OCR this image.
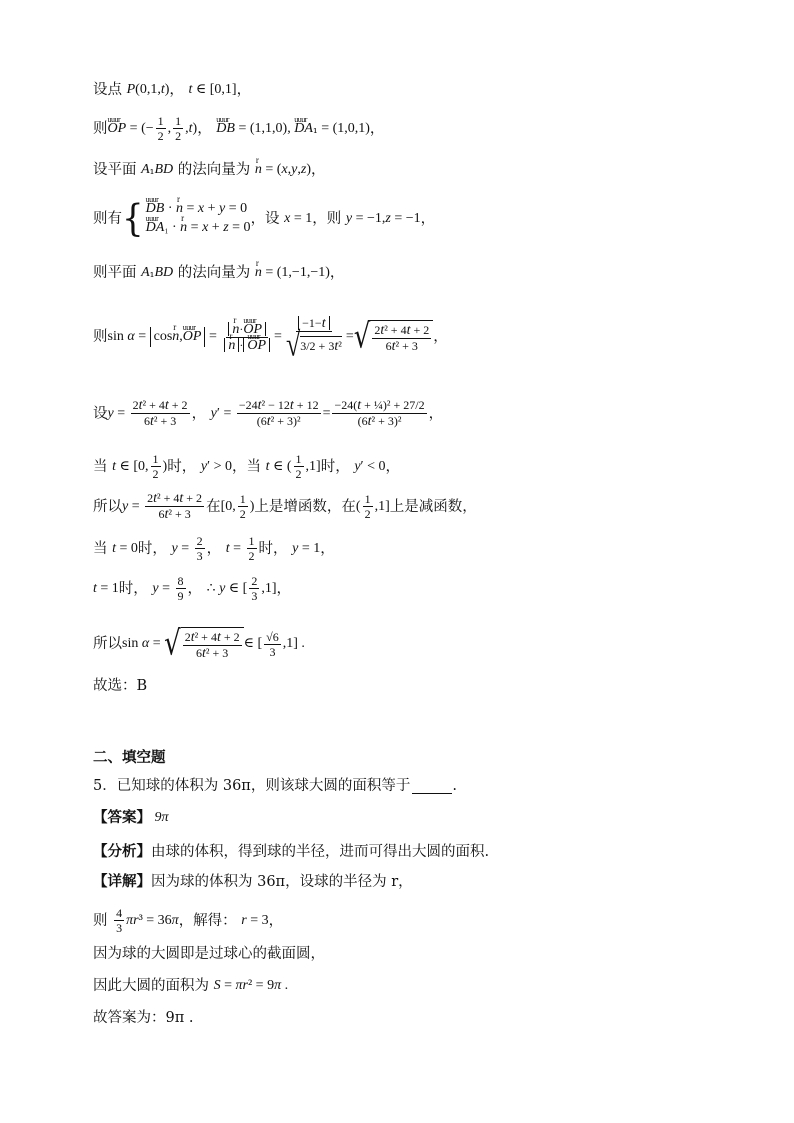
设点 P (0,1, t ) ， t ∈ [0,1] ，
则 uuur OP = (− $\frac{1}{2}$ , $\frac{1}{2}$ , t ) ， uuur DB = (1,1,0), uuur DA ₁ = (1,0,1) ，
设平面 A ₁ BD 的法向量为 r n = ( x , y , z ) ，
则有 { uuur DB · r n = x + y = 0
uuur DA₁ · r n = x + z = 0
，设 x = 1 ，则 y = −1, z = −1 ，
则平面 A ₁ BD 的法向量为 r n = (1,−1,−1) ，
则 sin α = cosr n,uuur OP = r n·uuur OP
r n · uuur OP = $\frac{-1-t}{\text{√ 3/2 + 3t²}}$ = √ $\frac{\text{2t² + 4t + 2}}{\text{6t² + 3}}$ ，
设 $y = \frac{\text{2t² + 4t + 2}}{\text{6t² + 3}}$ ， y ′ = $\frac{\text{−24t² − 12t + 12}}{\text{(6t² + 3)²}} = \frac{\text{−24(t + ¼)² + 27/2}}{\text{(6t² + 3)²}}$ ，
当 t ∈ [0, $\frac{1}{2}$ ) 时， y ′ > 0 ，当 t ∈ ( $\frac{1}{2} ,1$] 时， y ′ < 0 ，
所以 $y = \frac{\text{2t² + 4t + 2}}{\text{6t² + 3}}$ 在 [0, $\frac{1}{2}$ ) 上是增函数，在 ( $\frac{1}{2} ,1$] 上是减函数，
当 t = 0 时， $y = \frac{2}{3}$ ， $t = \frac{1}{2}$ 时， y = 1 ，
t = 1 时， $y = \frac{8}{9}$ ， ∴ y ∈ [ $\frac{2}{3} ,1$] ，
所以 sin α = √ $\frac{\text{2t² + 4t + 2}}{\text{6t² + 3}}$ ∈ [ $\frac{√6}{3} ,1$] .
故选：B
二、填空题
5． 已知球的体积为 36π，则该球大圆的面积等于	.
【答案】
9π
【分析】 由球的体积，得到球的半径，进而可得出大圆的面积.
【详解】 因为球的体积为 36π，设球的半径为 r，
则 $\frac{4}{3}$ πr ³ = 36 π ，解得： r = 3 ，
因为球的大圆即是过球心的截面圆，
因此大圆的面积为 S = πr ² = 9 π .
故答案为：9π .
